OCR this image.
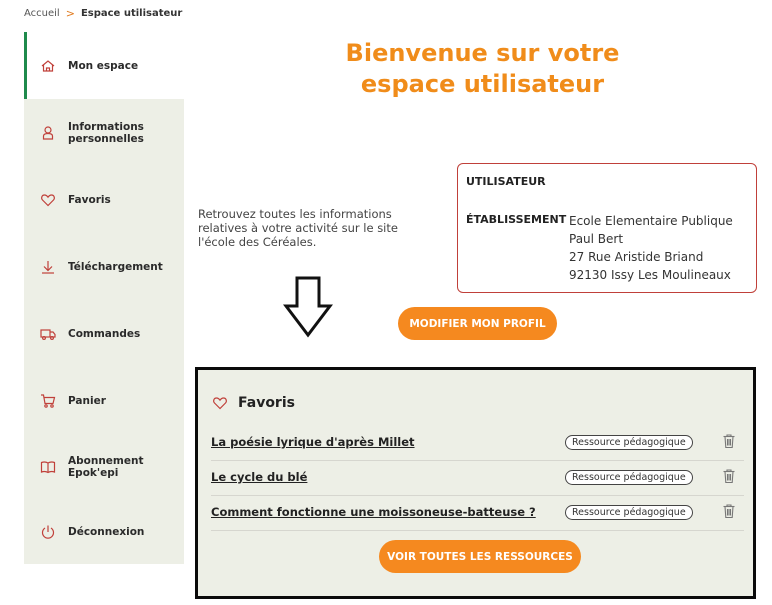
Accueil > Espace utilisateur
Mon espace
Informations personnelles
Favoris
Téléchargement
Commandes
Panier
Abonnement Epok'epi
Déconnexion
Bienvenue sur votre espace utilisateur

Retrouvez toutes les informations relatives à votre activité sur le site l'école des Céréales.

UTILISATEUR
ÉTABLISSEMENT Ecole Elementaire Publique
Paul Bert
27 Rue Aristide Briand
92130 Issy Les Moulineaux
MODIFIER MON PROFIL
Favoris
La poésie lyrique d'après Millet	Ressource pédagogique
Le cycle du blé	Ressource pédagogique
Comment fonctionne une moissoneuse-batteuse ?	Ressource pédagogique
VOIR TOUTES LES RESSOURCES
